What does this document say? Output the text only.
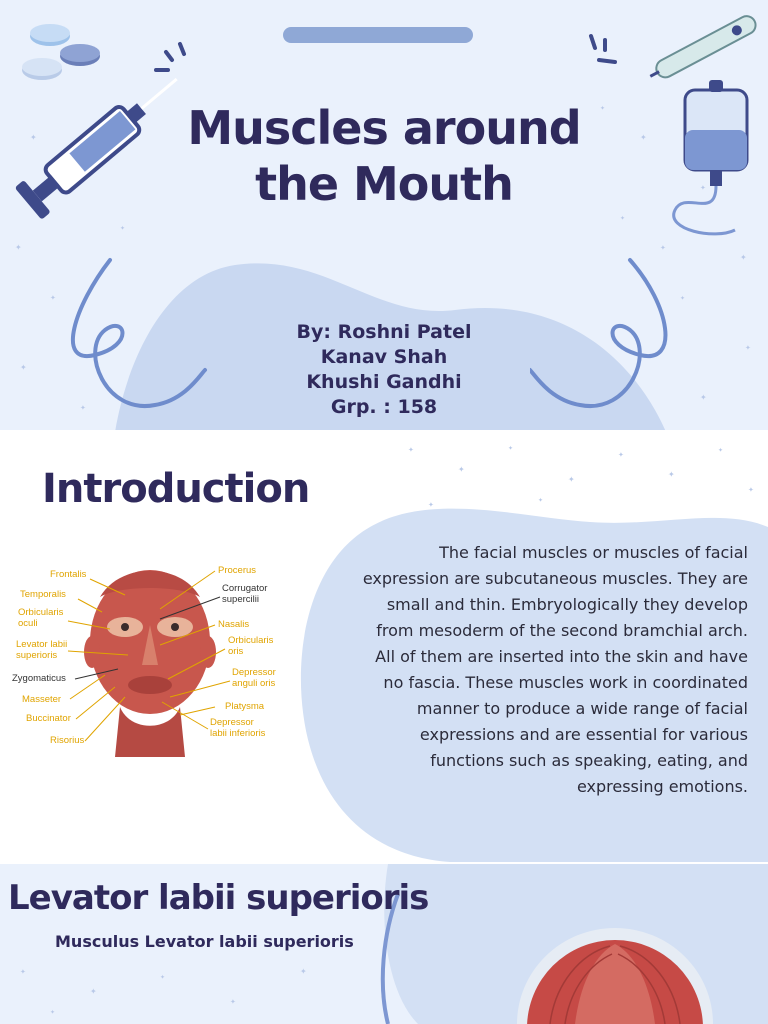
✦
✦
✦
✦
✦
✦
✦
✦
✦
✦
✦
✦
✦
✦
✦
Muscles around
the Mouth
By: Roshni Patel
Kanav Shah
Khushi Gandhi
Grp. : 158
✦
✦
✦
✦
✦
✦
✦
✦
✦
✦
Introduction
The facial muscles or muscles of facial expression are subcutaneous muscles. They are small and thin. Embryologically they develop from mesoderm of the second bramchial arch. All of them are inserted into the skin and have no fascia. These muscles work in coordinated manner to produce a wide range of facial expressions and are essential for various functions such as speaking, eating, and expressing emotions.
Frontalis
Temporalis
Orbicularis
oculi
Levator labii
superioris
Masseter
Buccinator
Risorius
Zygomaticus
Procerus
Nasalis
Orbicularis
oris
Depressor
anguli oris
Platysma
Depressor
labii inferioris
Corrugator
supercilii
✦
✦
✦
✦
✦
✦
Levator labii superioris
Musculus Levator labii superioris
